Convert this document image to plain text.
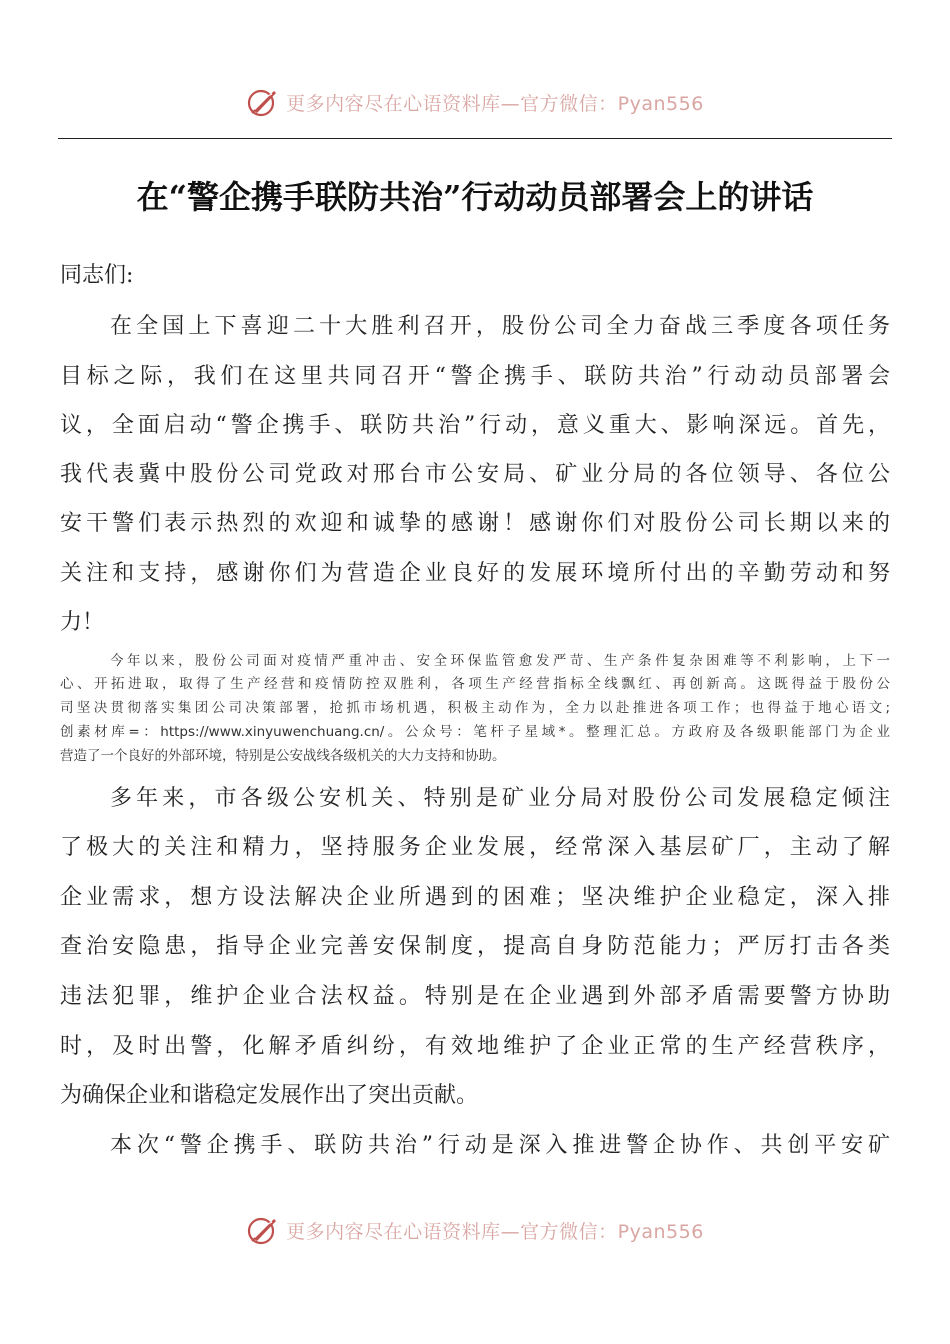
更多内容尽在心语资料库—官方微信：Pyan556
在“警企携手联防共治”行动动员部署会上的讲话
同志们:
在全国上下喜迎二十大胜利召开，股份公司全力奋战三季度各项任务
目标之际，我们在这里共同召开“警企携手、联防共治”行动动员部署会
议，全面启动“警企携手、联防共治”行动，意义重大、影响深远。首先，
我代表冀中股份公司党政对邢台市公安局、矿业分局的各位领导、各位公
安干警们表示热烈的欢迎和诚挚的感谢！感谢你们对股份公司长期以来的
关注和支持，感谢你们为营造企业良好的发展环境所付出的辛勤劳动和努
力！
今年以来，股份公司面对疫情严重冲击、安全环保监管愈发严苛、生产条件复杂困难等不利影响，上下一
心、开拓进取，取得了生产经营和疫情防控双胜利，各项生产经营指标全线飘红、再创新高。这既得益于股份公
司坚决贯彻落实集团公司决策部署，抢抓市场机遇，积极主动作为，全力以赴推进各项工作；也得益于地心语文;
创素材库=：https://www.xinyuwenchuang.cn/。公众号：笔杆子星域*。整理汇总。方政府及各级职能部门为企业
营造了一个良好的外部环境，特别是公安战线各级机关的大力支持和协助。
多年来，市各级公安机关、特别是矿业分局对股份公司发展稳定倾注
了极大的关注和精力，坚持服务企业发展，经常深入基层矿厂，主动了解
企业需求，想方设法解决企业所遇到的困难；坚决维护企业稳定，深入排
查治安隐患，指导企业完善安保制度，提高自身防范能力；严厉打击各类
违法犯罪，维护企业合法权益。特别是在企业遇到外部矛盾需要警方协助
时，及时出警，化解矛盾纠纷，有效地维护了企业正常的生产经营秩序，
为确保企业和谐稳定发展作出了突出贡献。
本次“警企携手、联防共治”行动是深入推进警企协作、共创平安矿
更多内容尽在心语资料库—官方微信：Pyan556
